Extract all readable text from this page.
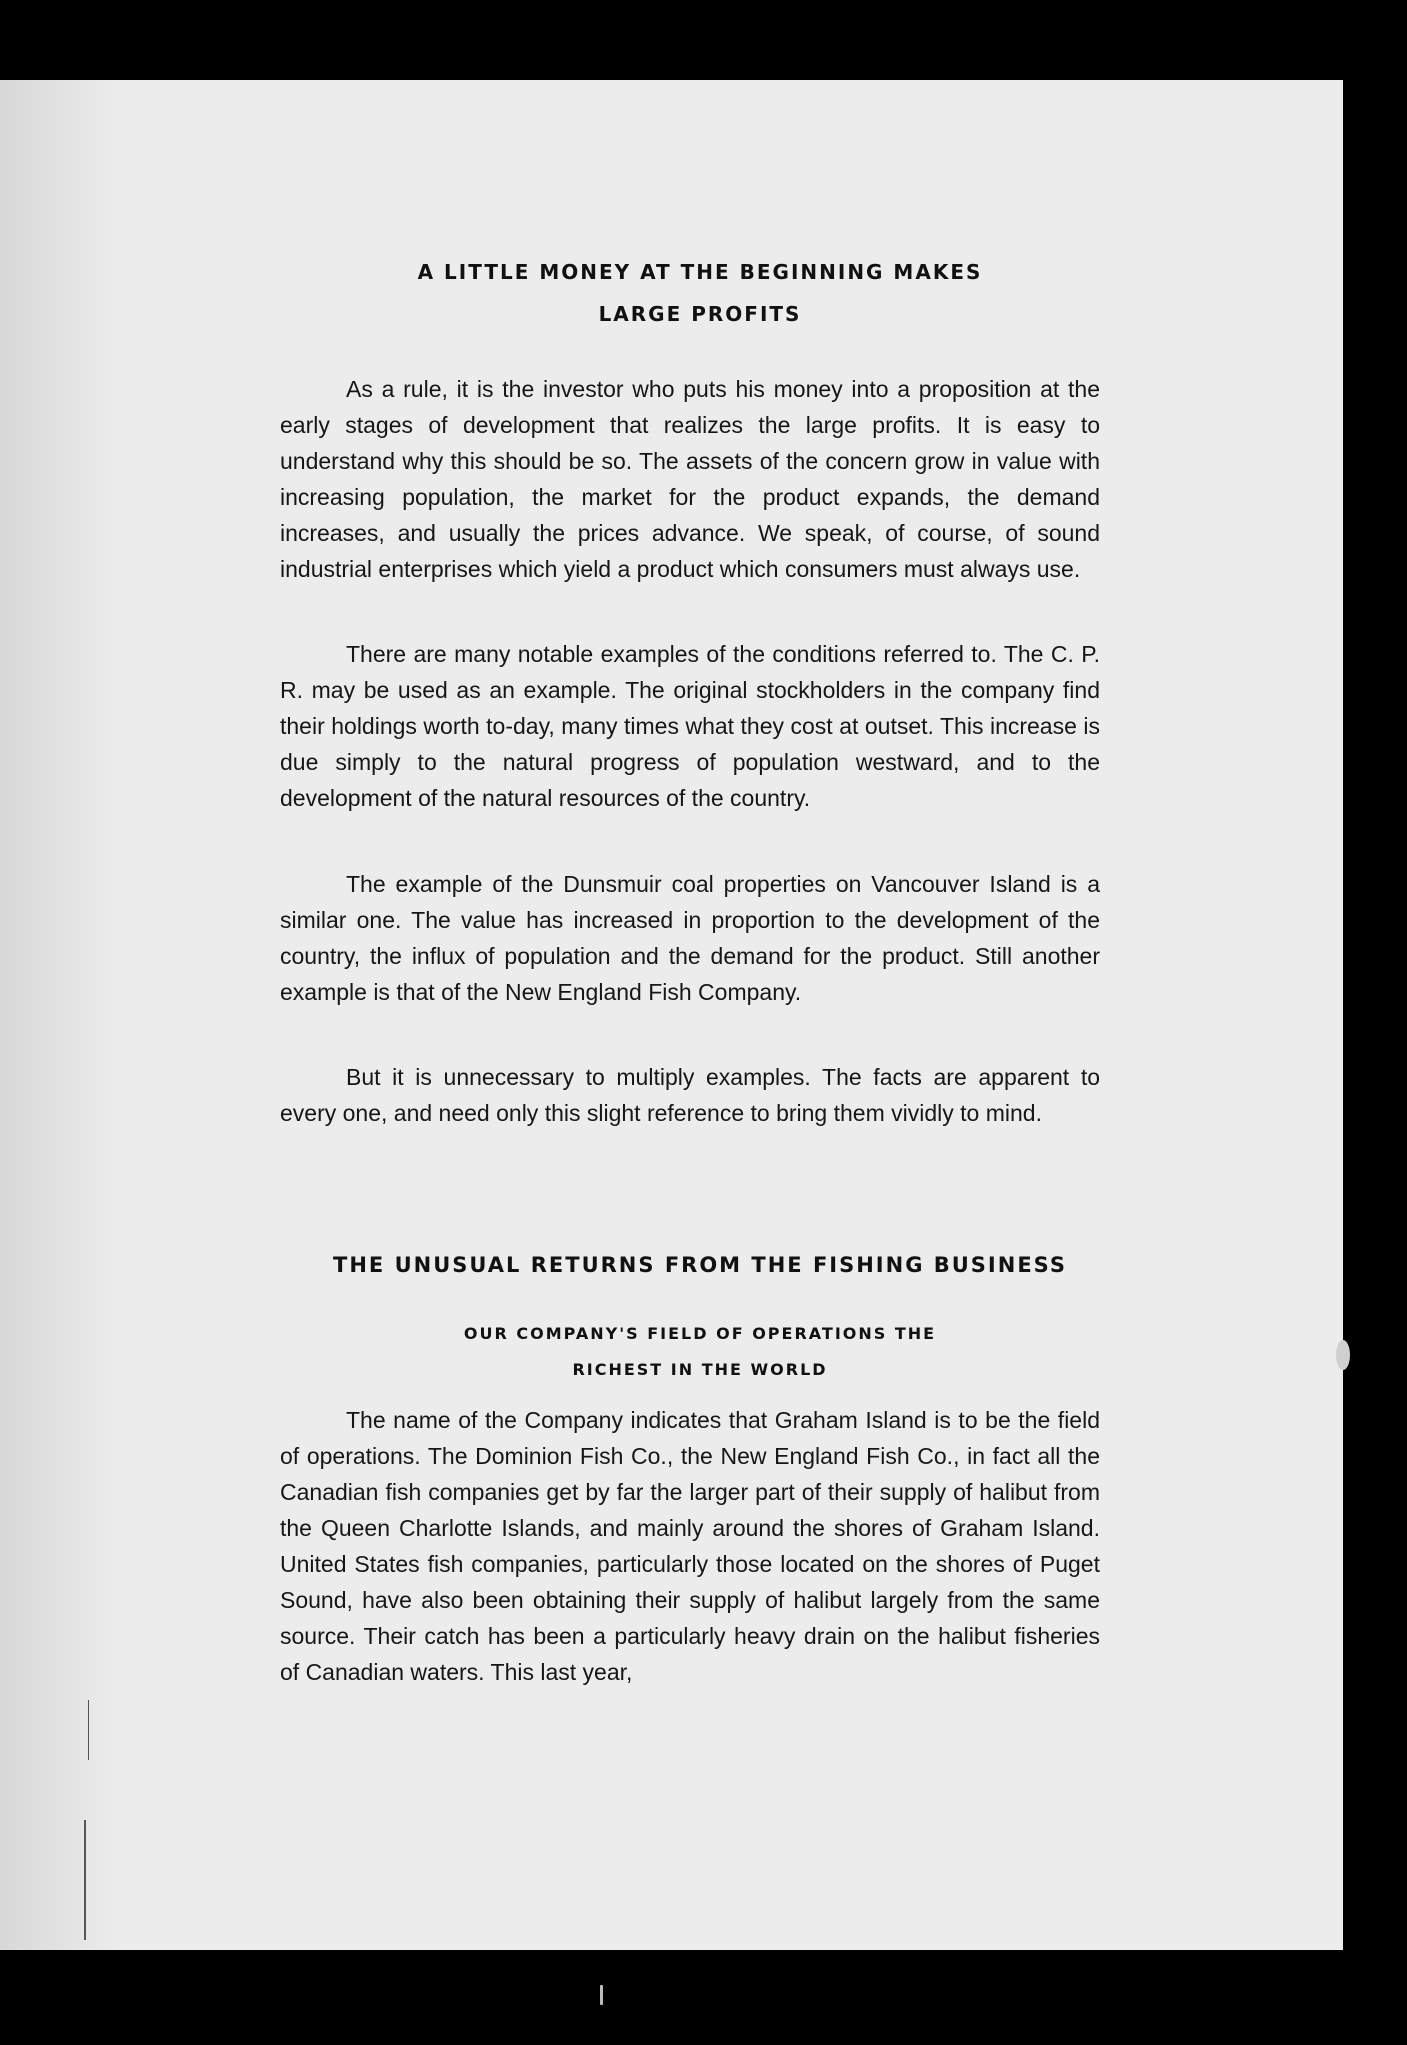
A LITTLE MONEY AT THE BEGINNING MAKES
LARGE PROFITS

As a rule, it is the investor who puts his money into a proposition at the early stages of development that realizes the large profits. It is easy to understand why this should be so. The assets of the concern grow in value with increasing population, the market for the product expands, the demand increases, and usually the prices advance. We speak, of course, of sound industrial enterprises which yield a product which consumers must always use.

There are many notable examples of the conditions referred to. The C. P. R. may be used as an example. The original stockholders in the company find their holdings worth to-day, many times what they cost at outset. This increase is due simply to the natural progress of population westward, and to the development of the natural resources of the country.

The example of the Dunsmuir coal properties on Vancouver Island is a similar one. The value has increased in proportion to the development of the country, the influx of population and the demand for the product. Still another example is that of the New England Fish Company.

But it is unnecessary to multiply examples. The facts are apparent to every one, and need only this slight reference to bring them vividly to mind.

THE UNUSUAL RETURNS FROM THE FISHING BUSINESS
OUR COMPANY'S FIELD OF OPERATIONS THE
RICHEST IN THE WORLD

The name of the Company indicates that Graham Island is to be the field of operations. The Dominion Fish Co., the New England Fish Co., in fact all the Canadian fish companies get by far the larger part of their supply of halibut from the Queen Charlotte Islands, and mainly around the shores of Graham Island. United States fish companies, particularly those located on the shores of Puget Sound, have also been obtaining their supply of halibut largely from the same source. Their catch has been a particularly heavy drain on the halibut fisheries of Canadian waters. This last year,
